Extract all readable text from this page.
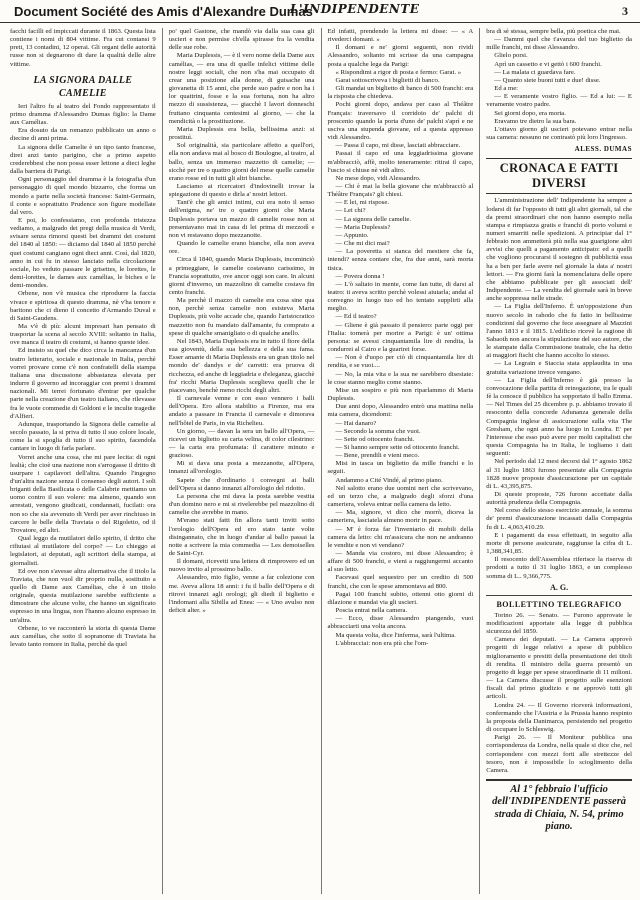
Document Société des Amis d'Alexandre Dumas	3
L'INDIPENDENTE

facchi facilli ed impiccati durante il 1863. Questa lista contiene i nomi di 804 vittime. Fra cui contansi 9 preti, 13 contadini, 12 operai. Gli organi delle autorità russe non si degnarono di dare la qualità delle altre vittime.

LA SIGNORA DALLE CAMELIE

Ieri l'altro fu al teatro del Fondo rappresentato il primo dramma d'Alessandro Dumas figlio: la Dame aux Camélias.

Era dosuto da un romanzo pubblicato un anno o diecine di anni prima.

La signora delle Camelie è un tipo tanto francese, direi anzi tanto parigino, che a primo aspetto crederebbesi che non possa esser lettone a dieci leghe dalla barriera di Parigi.

Ogni personaggio del dramma è la fotografia d'un personaggio di quel mondo bizzarro, che forma un mondo a parte nella società francese: Saint-Germain, il conte e soprattutto Prudence son figure modellate dal vero.

E poi, lo confessiamo, con profonda tristezza vediamo, a malgrado dei pregi della musica di Verdi, svisare senza rimorsi questi bei drammi dei costumi del 1840 al 1850: — diciamo dal 1840 al 1850 perchè quei costumi cangiano ogni dieci anni. Così, dal 1820, anno in cui fu in stesso lanciato nella circolazione sociale, ho veduto passare le grisettes, le lorettes, le demi-lorettes, le dames aux camélias, le biches e le demi-mondes.

Orbene, non v'è musica che riprodurre la faccia vivace e spiritosa di questo dramma, nè v'ha tenore e baritono che ci dieno il concetto d'Armando Duval e di Saint-Gaudens.

Ma v'è di più: alcuni impresari han pensato di trasportar la scena al secolo XVIII: soltanto in Italia, ove manca il teatro di costumi, si hanno queste idee.

Ed insisto su quel che dico circa la mancanza d'un teatro letterario, sociale e nazionale in Italia, perchè vorrei provare come c'è non confratelli della stampa italiana una discussione abbastanza elevata per indurre il governo ad incoraggiar con premi i drammi nazionali. Mi terrei fortunato d'entrar per qualche parte nella creazione d'un teatro italiano, che rilevasse fra le vuote commedie di Goldoni e le inculte tragedie d'Alfieri.

Adunque, trasportando la Signora delle camelie al secolo passato, la si priva di tutto il suo colore locale, come la si spoglia di tutto il suo spirito, facendola cantare in luogo di farla parlare.

Vorrei anche una cosa, che mi pare lecita: di ogni lealtà; che cioè una nazione non s'arrogasse il dritto di usurpare i capilavori dell'altra. Quando l'ingegno d'un'altra nazione senza il consenso degli autori. I soli briganti della Basilicata o delle Calabrie mettiamo un uomo contro il suo volere: ma almeno, quando son arrestati, vengono giudicati, condannati, fucilati: ora non so che sia avvenuto di Verdi per aver rinchiuso in carcere le belle della Traviata o del Rigoletto, od il Trovatore, ed altri.

Qual leggo da mutilatori dello spirito, il dritto che rifiutasi al mutilatore del corpo? — Lo chieggo ai legislatori, ai deputati, agli scrittori della stampa, ai giornalisti.

Ed ove non s'avesse altra alternativa che il titolo la Traviata, che non vuol dir proprio nulla, sostituito a quello di Dame aux Camélias, che è un titolo originale, questa mutilazione sarebbe sufficiente a dimostrare che alcune volte, che hanno un significato espresso in una lingua, non l'hanno alcuno espresso in un'altra.

Orbene, io ve racconterò la storia di questa Dame aux camélias, che sotto il sopranome di Traviata ha levato tanto romore in Italia, perchè da quel

po' quel Gastone, che mandò via dalla sua casa gli uscieri e non permise ch'ella spirasse fra la vendita delle sue robe.

Maria Duplessis, — è il vero nome della Dame aux camélias, — era una di quelle infelici vittime delle nostre leggi sociali, che non s'ha mai occupato di crear una posizione alla donne, di guisache una giovanetta di 15 anni, che perde suo padre e non ha i lor quattrini, fosse e la sua fortuna, non ha altro mezzo di sussistenza, — giacchè I lavori donneschi fruttano cinquanta centesimi al giorno, — che la mendicità o la prostituzione.

Maria Duplessis era bella, bellissima anzi: si prostituì.

Sol originalità, sia particolare affetto a quell'ori, ella non andava mai al bosco di Boulogne, al teatro, al ballo, senza un immenso mazzetto di camelie; — sicchè per tre o quattro giorni del mese quelle camelie erano rosse ed in tutti gli altri bianche.

Lasciamo ai ricercatori d'indovinelli trovar la spiegazione di questo e dirla a' nostri lettori.

Tant'è che gli amici intimi, cui era noto il senso dell'enigma, ne' tre o quattro giorni che Maria Duplessis portava un mazzo di camelie rosse non si presentavano mai in casa di lei prima di mezzodì e non vi restavano dopo mezzanotte.

Quando le camelie erano bianche, ella non aveva ore.

Circa il 1840, quando Maria Duplessis, incominciò a primeggiare, le camelie costavano carissimo, in Francia soprattutto, ove ancor oggi son care. In alcuni giorni d'inverno, un mazzolino di camelie costava fin cento franchi.

Ma perchè il mazzo di camelie era cosa sine qua non, perchè senza camelie non esisteva Maria Duplessis, più volte accade che, quando l'aristocratico mazzetto non fu mandato dall'amante, fu comprato a spese di qualche smanigliato o di qualche anello.

Nel 1843, Maria Duplessis era in tutto il fiore della sua gioventù, della sua bellezza e della sua fama. Esser amante di Maria Duplessis era un gran titolo nel mondo de' dandys e de' carretti: era pruova di ricchezza, ed anche di leggiadria e d'eleganza, giacchè fra' ricchi Maria Duplessis sceglieva quelli che le piacevano, benchè meno ricchi degli altri.

Il carnevale venne e con esso vennero i balli dell'Opera. Ero allora stabilito a Firenze, ma era andato a passare in Francia il carnevale e dimorava nell'hôtel de Paris, in via Richelieu.

Un giorno, — davan la sera un ballo all'Opera, — ricevei un biglietto su carta velina, di color cilestrino: — la carta era profumata: il carattere minuto e grazioso.

Mi si dava una posta a mezzanotte, all'Opera, innanzi all'orologio.

Sapete che d'ordinario i convegni ai balli dell'Opera si danno innanzi all'orologio del ridotto.

La persona che mi dava la posta sarebbe vestita d'un domino nero e mi si rivelerebbe pel mazzolino di camelie che avrebbe in mano.

M'erano stati fatti fin allora tanti inviti sotto l'orologio dell'Opera ed ero stato tante volte disingannato, che in luogo d'andar al ballo passai la notte a scrivere la mia commedia — Les demoiselles de Saint-Cyr.

Il domani, ricevetti una lettera di rimprovero ed un nuovo invito al prossimo ballo.

Alessandro, mio figlio, venne a far colezione con me. Aveva allora 18 anni: i fu il ballo dell'Opera e di ritrovi innanzi agli orologi; gli diedi il biglietto e l'indomani alla Sibilla ad Enea: — « Uno avulso non deficit alter. »

Ed infatti, prendendo la lettera mi disse: — « A rivederci domani. »

Il domani e ne' giorni seguenti, non rividi Alessandro, soltanto mi scrisse da una campagna posta a qualche lega da Parigi:

« Rispondimi a rigor di posta e fermo: Garat. »

Garat sottoscriveva i biglietti di banco.

Gli mandai un biglietto di banco di 500 franchi: era la risposta che chiedeva.

Pochi giorni dopo, andava per caso al Théâtre Français: traversavo il corridoio de' palchi di proscenio quando la porta d'uno de' palchi s'aprì e ne usciva una stupenda giovane, ed a questa appresso vidi Alessandro.

— Passa il capo, mi disse, lasciati abbracciare.

Passai il capo ed una leggiadrissima giovane m'abbracciò, affè, molto teneramente: ritirai il capo, l'uscio si chiuse nè vidi altro.

Ne mese dopo, vidi Alessandro.

— Chi è mai la bella giovane che m'abbracciò al Théâtre Français? gli chiesi.

— E lei, mi rispose.

— Lei chi?

— La signora delle camelie.

— Maria Duplessis?

— Appunto.

— Che mi dici mai?

— La poveretta si stanca del mestiere che fa, intendi? senza contare che, fra due anni, sarà morta tisica.

— Povera donna !

— L'ò saltato in mente, come fan tutte, di darsi al teatro: ti aveva scritto perchè volessi aiutarla; andai al convegno in luogo tuo ed ho tentato supplirti alla meglio.

— Ed il teatro?

— Gliene è già passato il pensiero: parte oggi per l'Italia: tornerà per morire a Parigi: è un' ottima persona: se avessi cinquantamila lire di rendita, la condurrei al Cairo e la guarirei forse.

— Non è d'uopo per ciò di cinquantamila lire di rendita, e se vuoi....

— No, la mia vita e la sua ne sarebbero disestate: le cose stanno meglio come stanno.

Mise un sospiro e più non riparlammo di Maria Duplessis.

Due anni dopo, Alessandro entrò una mattina nella mia camera, dicendomi:

— Hai danaro?

— Secondo la somma che vuoi.

— Sette od ottocento franchi.

— Si hanno sempre sette od ottocento franchi.

— Bene, prendili e vieni meco.

Misi in tasca un biglietto da mille franchi e lo seguii.

Andammo a Cité Vindé, al primo piano.

Nel salotto erano due uomini neri che scrivevano, ed un terzo che, a malgrado degli sforzi d'una cameriera, voleva entrar nella camera da letto.

— Ma, signore, vi dico che morrò, diceva la cameriera, lasciatela almeno morir in pace.

— M' è forza far l'inventario di mobili della camera da letto: chi m'assicura che non ne andranno le vendite e non vi vendano?

— Manda via costoro, mi disse Alessandro; è affare di 500 franchi, e vieni a raggiungermi accanto al suo letto.

Facevasi quel sequestro per un credito di 500 franchi, che con le spese ammontava ad 800.

Pagai 100 franchi subito, ottenni otto giorni di dilazione e mandai via gli uscieri.

Poscia entrai nella camera.

— Ecco, disse Alessandro piangendo, vuoi abbracciarti una volta ancora.

Ma questa volta, dice l'inferma, sarà l'ultima.

L'abbracciai: non era più che l'om-

bra di sè stessa, sempre bella, più poetica che mai.

— Dammi quel che t'avanza del tuo biglietto da mille franchi, mi disse Alessandro.

Glielo porsi.

Aprì un cassetto e vi gettò i 600 franchi.

— La malata ci guardava fare.

— Quanto siete buoni tutti e due! disse.

Ed a me:

— E veramente vostro figlio. — Ed a lui: — E veramente vostro padre.

Sei giorni dopo, era morta.

Eravamo tre dietro la sua bara.

L'ottavo giorno gli uscieri potevano entrar nella sua camera: nessuno ne contrastò più loro l'ingresso.

ALESS. DUMAS
CRONACA E FATTI DIVERSI

L'amministrazione dell' Indipendente ha sempre a lodarsi di far l'opposto di tutti gli altri giornali, tal che da premi straordinari che non hanno esempio nella stampa e rimpiazza gratis e franchi di porto volumi e numeri smarriti nelle spedizioni. A principiar dal 1° febbraio non ammetterà più nella sua guarigione altri avvisi che quelli a pagamento anticipato: ed a quelli che vogliono procurarsi il sostegno di pubblicità essa ha a ben per farle avere nel giornale la data a' nostri lettori. — Fra giorni farà la nomenclatura delle opere che abbiamo pubblicate per gli associati dell' Indipendente. — La vendita del giornale sarà in breve anche soppressa nelle strade.

— La Figlia dell'Inferno. È un'opposizione d'un nuovo secolo in rahodo che fu fatto in bellissime condizioni dal governo che fece assegnare al Mazzini l'anno 1813 e il 1815. L'edificio ricevè la ragione di Sabaoth non ancora la stipulazione del suo autore, che le stampate dalla Commissione teatrale, che ha detto ai maggiori fischi che hanno accolto lo stesso.

— La Legrain e Staccia stata applaudita in una gratuita variazione invece vengano.

— La Figlia dell'Inferno è già presso la convocazione della partita di reinogazione, tra le quali fè la conosce il pubblico ha sopportato il ballo Emma. — Nel Times del 25 dicembre p. p. abbiamo trovato il resoconto della concorde Adunanza generale della Compagnia inglese di assicurazione sulla vita The Gresham, che ogni anno ha luogo in Londra. E' per l'interesse che esso può avere per molti capitalisti che questa Compagnia ha in Italia, le togliamo i dati seguenti:

Nel periodo dal 12 mesi decorsi dal 1° agosto 1862 al 31 luglio 1863 furono presentate alla Compagnia 1828 nuove proposte d'assicurazione per un capitale di L. 43,395,875.

Di queste proposte, 726 furono accettate dalla autorità prudenza della Compagnia.

Nel corso dello stesso esercizio annuale, la somma de' premi d'assicurazione incassati dalla Compagnia fu di L. 4,063,410.29.

E i pagamenti da essa effettuati, in seguito alla morte di persone assicurate, raggiunse la cifra di L. 1,388,341,85.

Il resocento dell'Assemblea riferisce la riserva di prodotti a tutto il 31 luglio 1863, e un complesso somma di L.. 9,366,775.

A. G.
BOLLETTINO TELEGRAFICO

Torino 26. — Senato. — Furono approvate le modificazioni apportate alla legge di pubblica sicurezza del 1859.

Camera dei deputati. — La Camera approvò progetti di legge relativi a spese di pubblico miglioramento e prestiti della presentazione dei titoli di rendita. Il ministro della guerra presentò un progetto di legge per spese straordinarie di 11 milioni. — La Camera discusse il progetto sulle esenzioni fiscali dal primo giudizio e ne approvò tutti gli articoli.

Londra 24. — Il Governo riceverà informazioni, confermando che l'Austria e la Prussia hanno respinto la proposta della Danimarca, persistendo nel progetto di occupare lo Schleswig.

Parigi 26. — Il Moniteur pubblica una corrispondenza da Londra, nella quale si dice che, nel corrispondere con mezzi forti alle strettezze del tesoro, non è impossibile lo scioglimento della Camera.

Al 1° febbraio l'ufficio dell'INDIPENDENTE passerà strada di Chiaia, N. 54, primo piano.
